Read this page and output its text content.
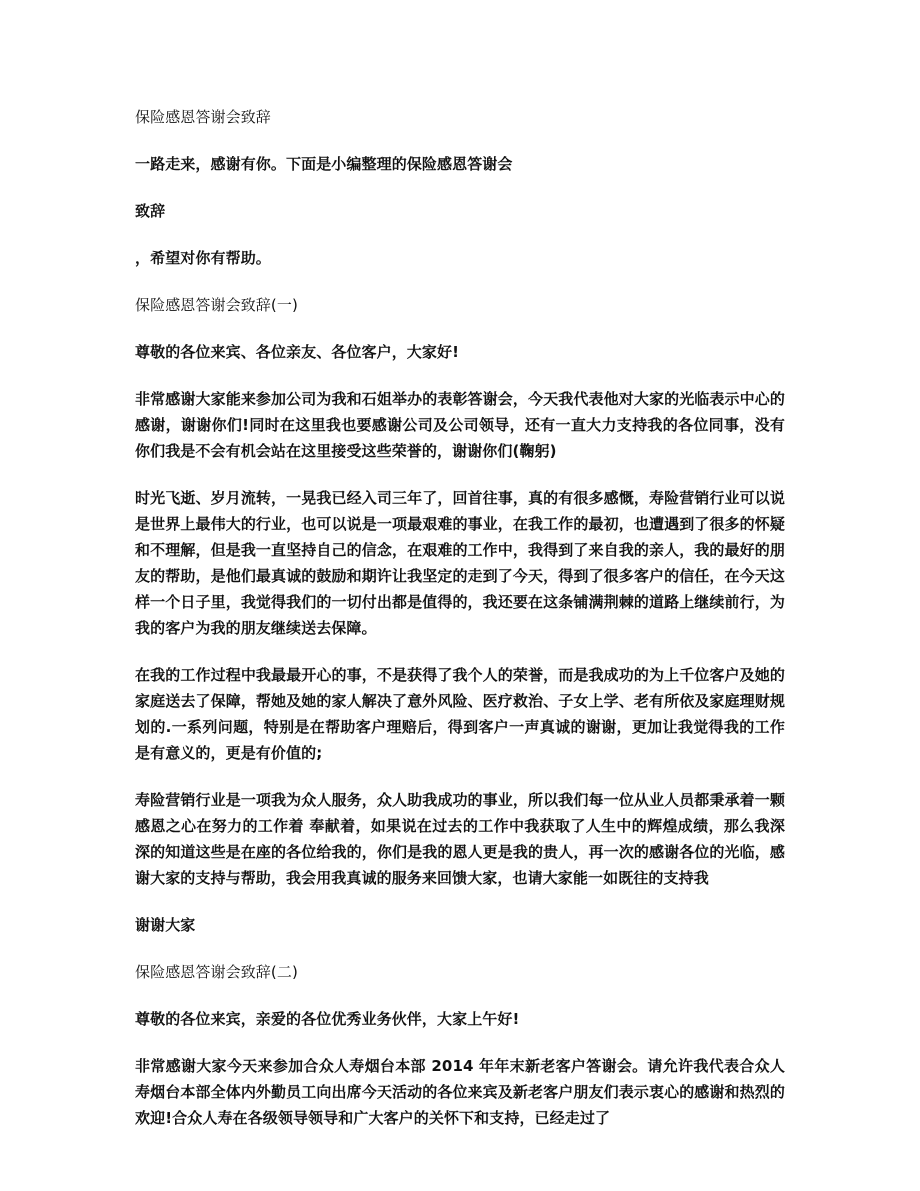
保险感恩答谢会致辞

一路走来，感谢有你。下面是小编整理的保险感恩答谢会

致辞

，希望对你有帮助。

保险感恩答谢会致辞(一)

尊敬的各位来宾、各位亲友、各位客户，大家好!

非常感谢大家能来参加公司为我和石姐举办的表彰答谢会，今天我代表他对大家的光临表示中心的感谢，谢谢你们!同时在这里我也要感谢公司及公司领导，还有一直大力支持我的各位同事，没有你们我是不会有机会站在这里接受这些荣誉的，谢谢你们(鞠躬)

时光飞逝、岁月流转，一晃我已经入司三年了，回首往事，真的有很多感慨，寿险营销行业可以说是世界上最伟大的行业，也可以说是一项最艰难的事业，在我工作的最初，也遭遇到了很多的怀疑和不理解，但是我一直坚持自己的信念，在艰难的工作中，我得到了来自我的亲人，我的最好的朋友的帮助，是他们最真诚的鼓励和期许让我坚定的走到了今天，得到了很多客户的信任，在今天这样一个日子里，我觉得我们的一切付出都是值得的，我还要在这条铺满荆棘的道路上继续前行，为我的客户为我的朋友继续送去保障。

在我的工作过程中我最最开心的事，不是获得了我个人的荣誉，而是我成功的为上千位客户及她的家庭送去了保障，帮她及她的家人解决了意外风险、医疗救治、子女上学、老有所依及家庭理财规划的.一系列问题，特别是在帮助客户理赔后，得到客户一声真诚的谢谢，更加让我觉得我的工作是有意义的，更是有价值的;

寿险营销行业是一项我为众人服务，众人助我成功的事业，所以我们每一位从业人员都秉承着一颗感恩之心在努力的工作着 奉献着，如果说在过去的工作中我获取了人生中的辉煌成绩，那么我深深的知道这些是在座的各位给我的，你们是我的恩人更是我的贵人，再一次的感谢各位的光临，感谢大家的支持与帮助，我会用我真诚的服务来回馈大家，也请大家能一如既往的支持我

谢谢大家

保险感恩答谢会致辞(二)

尊敬的各位来宾，亲爱的各位优秀业务伙伴，大家上午好!

非常感谢大家今天来参加合众人寿烟台本部 2014 年年末新老客户答谢会。请允许我代表合众人寿烟台本部全体内外勤员工向出席今天活动的各位来宾及新老客户朋友们表示衷心的感谢和热烈的欢迎!合众人寿在各级领导领导和广大客户的关怀下和支持，已经走过了
